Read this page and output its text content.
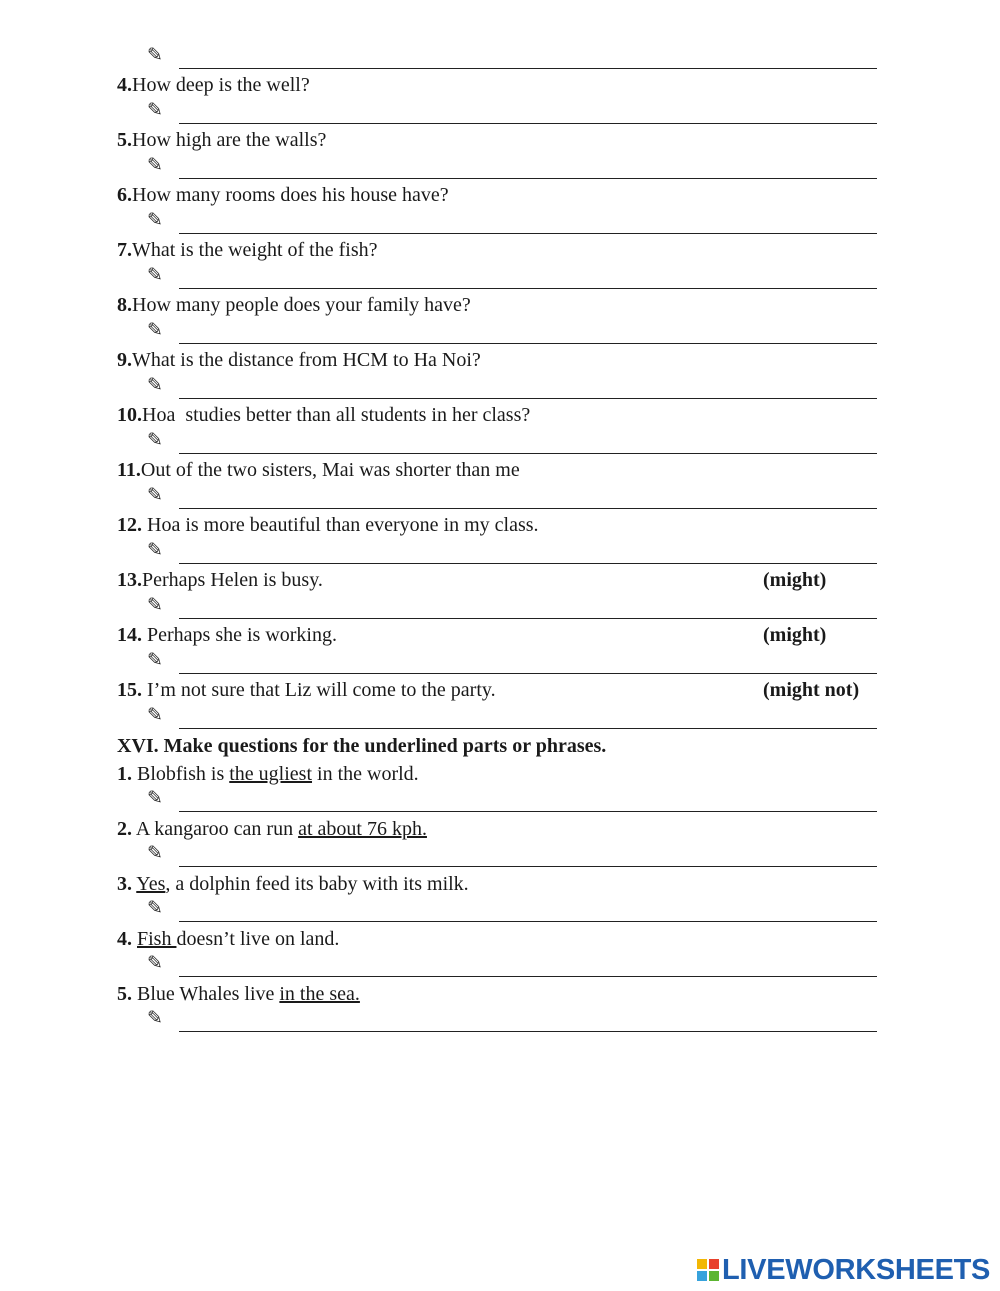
✎
4.How deep is the well?
✎
5.How high are the walls?
✎
6.How many rooms does his house have?
✎
7.What is the weight of the fish?
✎
8.How many people does your family have?
✎
9.What is the distance from HCM to Ha Noi?
✎
10.Hoa  studies better than all students in her class?
✎
11.Out of the two sisters, Mai was shorter than me
✎
12. Hoa is more beautiful than everyone in my class.
✎
13.Perhaps Helen is busy.	(might)
✎
14. Perhaps she is working.	(might)
✎
15. I’m not sure that Liz will come to the party.	(might not)
✎
XVI. Make questions for the underlined parts or phrases.
1. Blobfish is the ugliest in the world.
✎
2. A kangaroo can run at about 76 kph.
✎
3. Yes, a dolphin feed its baby with its milk.
✎
4. Fish doesn’t live on land.
✎
5. Blue Whales live in the sea.
✎
LIVEWORKSHEETS
